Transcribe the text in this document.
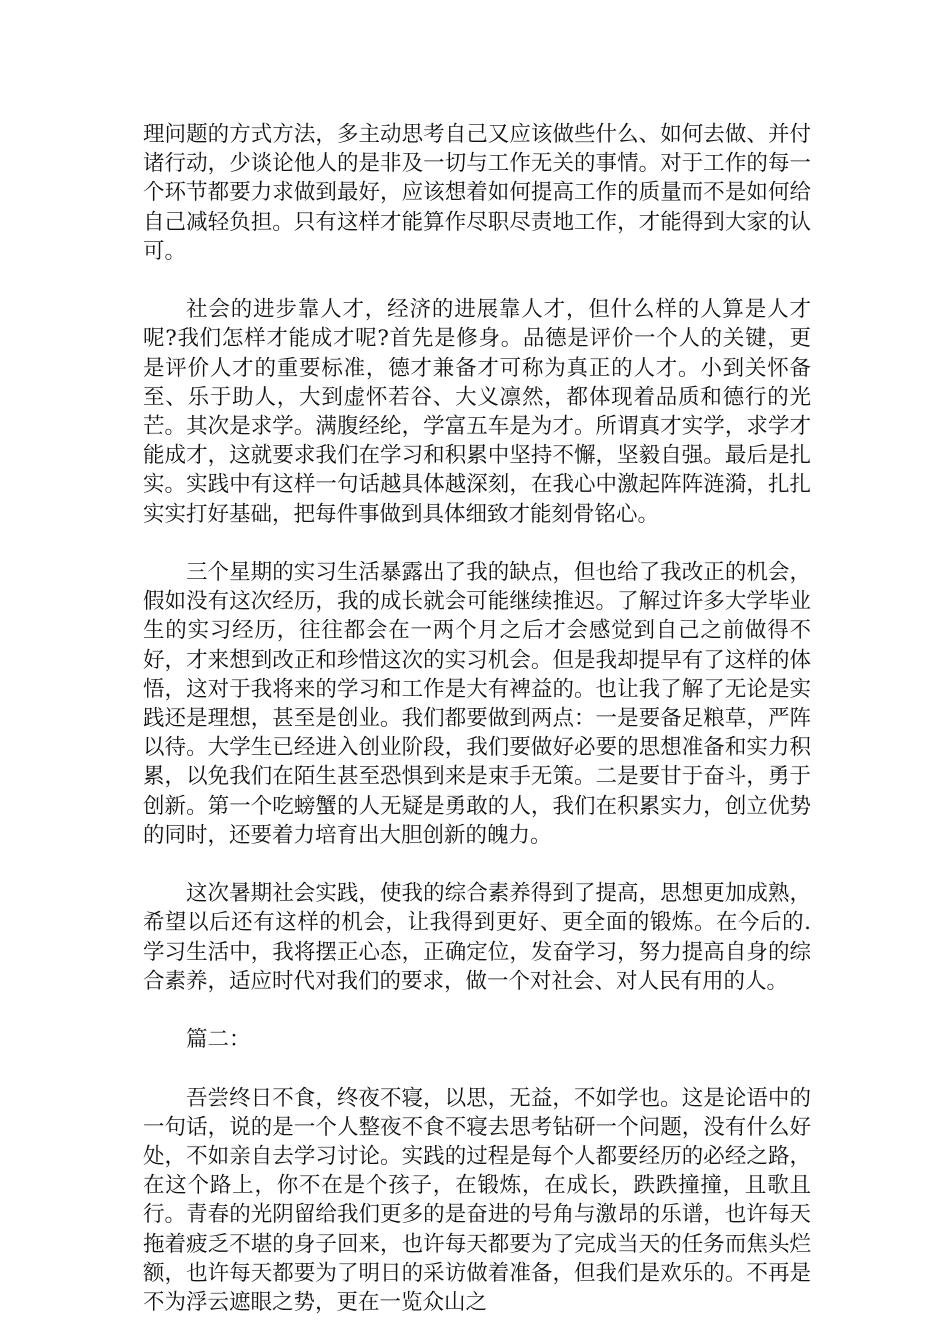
理问题的方式方法，多主动思考自己又应该做些什么、如何去做、并付诸行动，少谈论他人的是非及一切与工作无关的事情。对于工作的每一个环节都要力求做到最好，应该想着如何提高工作的质量而不是如何给自己减轻负担。只有这样才能算作尽职尽责地工作，才能得到大家的认可。

社会的进步靠人才，经济的进展靠人才，但什么样的人算是人才呢?我们怎样才能成才呢?首先是修身。品德是评价一个人的关键，更是评价人才的重要标准，德才兼备才可称为真正的人才。小到关怀备至、乐于助人，大到虚怀若谷、大义凛然，都体现着品质和德行的光芒。其次是求学。满腹经纶，学富五车是为才。所谓真才实学，求学才能成才，这就要求我们在学习和积累中坚持不懈，坚毅自强。最后是扎实。实践中有这样一句话越具体越深刻，在我心中激起阵阵涟漪，扎扎实实打好基础，把每件事做到具体细致才能刻骨铭心。

三个星期的实习生活暴露出了我的缺点，但也给了我改正的机会，假如没有这次经历，我的成长就会可能继续推迟。了解过许多大学毕业生的实习经历，往往都会在一两个月之后才会感觉到自己之前做得不好，才来想到改正和珍惜这次的实习机会。但是我却提早有了这样的体悟，这对于我将来的学习和工作是大有裨益的。也让我了解了无论是实践还是理想，甚至是创业。我们都要做到两点：一是要备足粮草，严阵以待。大学生已经进入创业阶段，我们要做好必要的思想准备和实力积累，以免我们在陌生甚至恐惧到来是束手无策。二是要甘于奋斗，勇于创新。第一个吃螃蟹的人无疑是勇敢的人，我们在积累实力，创立优势的同时，还要着力培育出大胆创新的魄力。

这次暑期社会实践，使我的综合素养得到了提高，思想更加成熟，希望以后还有这样的机会，让我得到更好、更全面的锻炼。在今后的.学习生活中，我将摆正心态，正确定位，发奋学习，努力提高自身的综合素养，适应时代对我们的要求，做一个对社会、对人民有用的人。

篇二：

吾尝终日不食，终夜不寝，以思，无益，不如学也。这是论语中的一句话，说的是一个人整夜不食不寝去思考钻研一个问题，没有什么好处，不如亲自去学习讨论。实践的过程是每个人都要经历的必经之路，在这个路上，你不在是个孩子，在锻炼，在成长，跌跌撞撞，且歌且行。青春的光阴留给我们更多的是奋进的号角与激昂的乐谱，也许每天拖着疲乏不堪的身子回来，也许每天都要为了完成当天的任务而焦头烂额，也许每天都要为了明日的采访做着准备，但我们是欢乐的。不再是不为浮云遮眼之势，更在一览众山之
